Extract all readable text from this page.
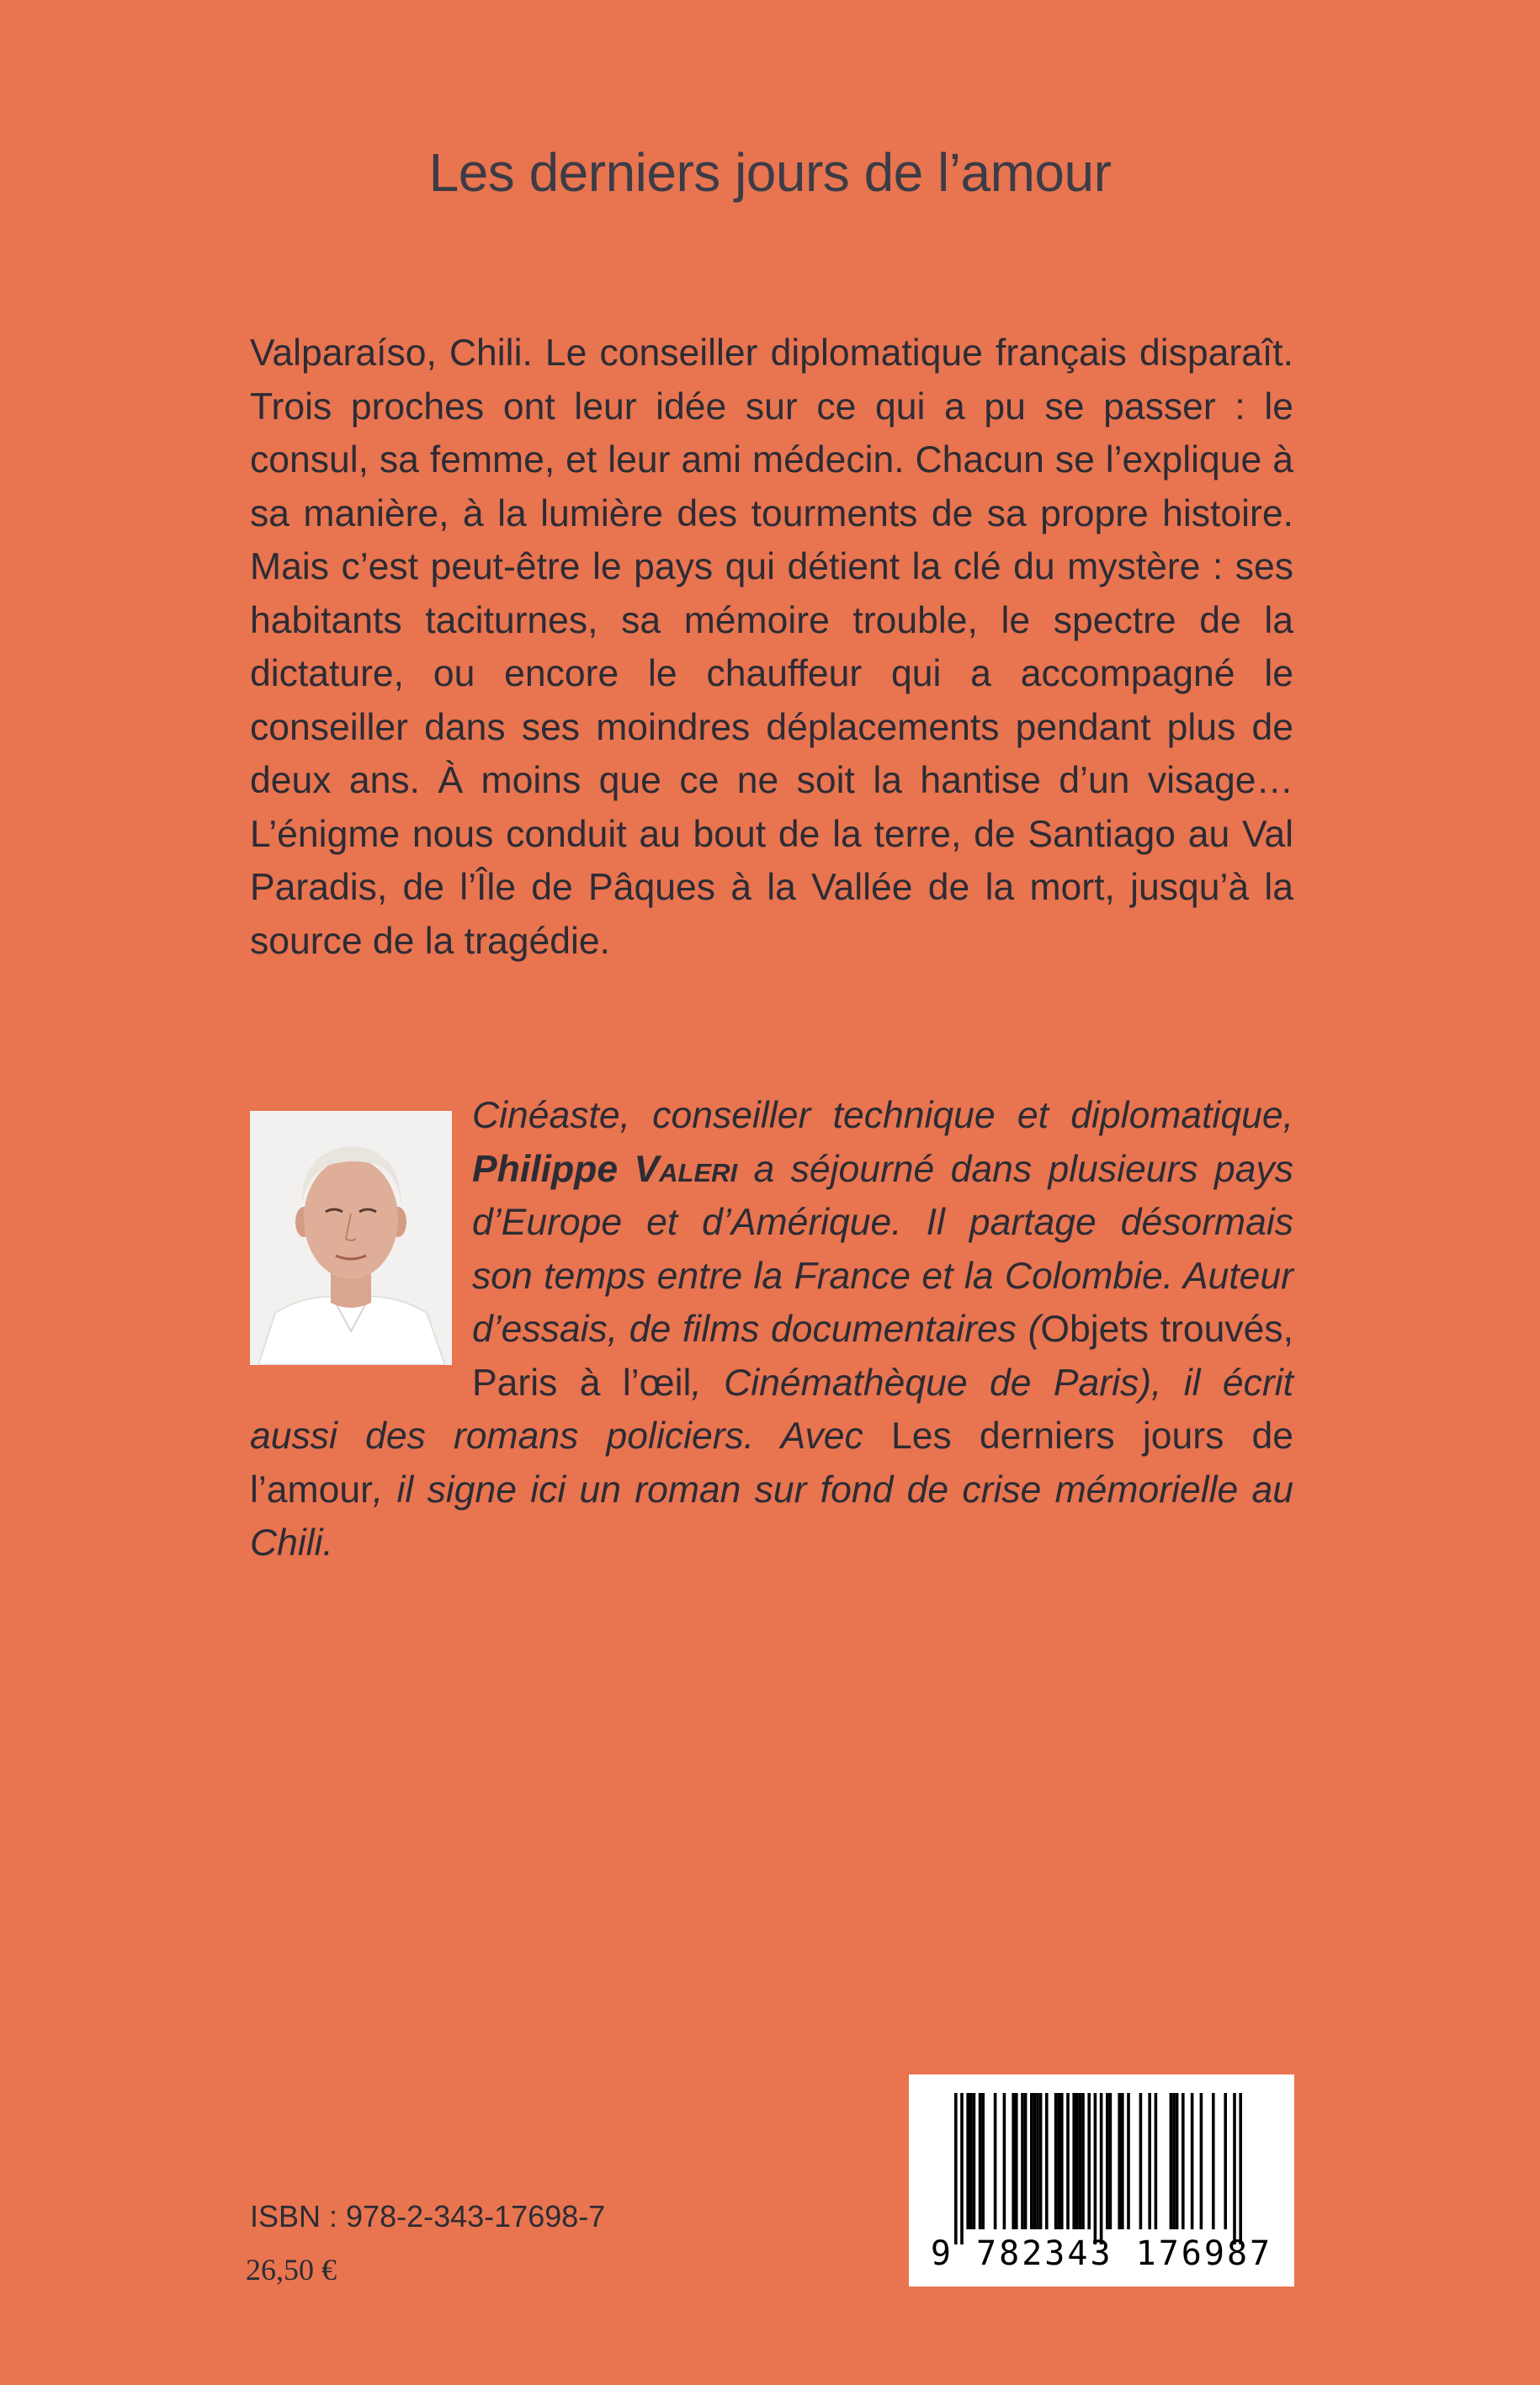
Les derniers jours de l’amour

Valparaíso, Chili. Le conseiller diplomatique français disparaît. Trois proches ont leur idée sur ce qui a pu se passer : le consul, sa femme, et leur ami médecin. Chacun se l’explique à sa manière, à la lumière des tourments de sa propre histoire. Mais c’est peut-être le pays qui détient la clé du mystère : ses habitants taciturnes, sa mémoire trouble, le spectre de la dictature, ou encore le chauffeur qui a accompagné le conseiller dans ses moindres déplacements pendant plus de deux ans. À moins que ce ne soit la hantise d’un visage… L’énigme nous conduit au bout de la terre, de Santiago au Val Paradis, de l’Île de Pâques à la Vallée de la mort, jusqu’à la source de la tragédie.

Cinéaste, conseiller technique et diplomatique, Philippe Valeri a séjourné dans plusieurs pays d’Europe et d’Amérique. Il partage désormais son temps entre la France et la Colombie. Auteur d’essais, de films documentaires (Objets trouvés, Paris à l’œil, Cinémathèque de Paris), il écrit aussi des romans policiers. Avec Les derniers jours de l’amour, il signe ici un roman sur fond de crise mémorielle au Chili.
ISBN : 978-2-343-17698-7
26,50 €	9 782343 176987
